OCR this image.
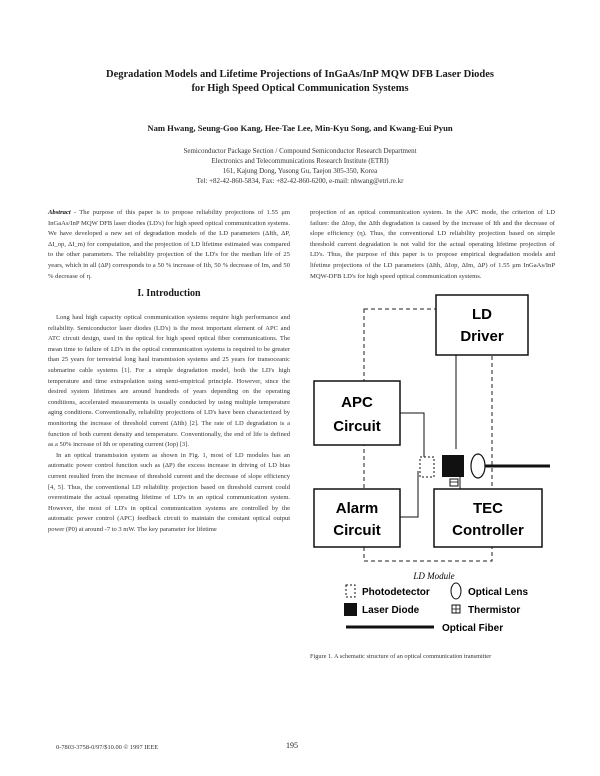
Degradation Models and Lifetime Projections of InGaAs/InP MQW DFB Laser Diodes
for High Speed Optical Communication Systems
Nam Hwang, Seung-Goo Kang, Hee-Tae Lee, Min-Kyu Song, and Kwang-Eui Pyun
Semiconductor Package Section / Compound Semiconductor Research Department
Electronics and Telecommunications Research Institute (ETRI)
161, Kajung Dong, Yusong Gu, Taejon 305-350, Korea
Tel: +82-42-860-5834, Fax: +82-42-860-6200, e-mail: nhwang@etri.re.kr
Abstract - The purpose of this paper is to propose reliability projections of 1.55 μm InGaAs/InP MQW DFB laser diodes (LD's) for high speed optical communication systems. We have developed a new set of degradation models of the LD parameters (ΔIth, ΔP, ΔI_op, ΔI_m) for computation, and the projection of LD lifetime estimated was compared to the other parameters. The reliability projection of the LD's for the median life of 25 years, which in all (ΔP) corresponds to a 50 % increase of Ith, 50 % decrease of Im, and 50 % decrease of η.
projection of an optical communication system. In the APC mode, the criterion of LD failure: the ΔIop, the ΔIth degradation is caused by the increase of Ith and the decrease of slope efficiency (η). Thus, the conventional LD reliability projection based on simple threshold current degradation is not valid for the actual operating lifetime projection of LD's. Thus, the purpose of this paper is to propose empirical degradation models and lifetime projections of the LD parameters (ΔIth, ΔIop, ΔIm, ΔP) of 1.55 μm InGaAs/InP MQW-DFB LD's for high speed optical communication systems.
I. Introduction

Long haul high capacity optical communication systems require high performance and reliability. Semiconductor laser diodes (LD's) is the most important element of APC and ATC circuit design, used in the optical for high speed optical fiber communications. The mean time to failure of LD's in the optical communication systems is required to be greater than 25 years for terrestrial long haul transmission systems and 25 years for transoceanic submarine cable systems [1]. For a simple degradation model, both the LD's high temperature and time extrapolation using semi-empirical principle. However, since the desired system lifetimes are around hundreds of years depending on the operating conditions, accelerated measurements is usually conducted by using multiple temperature aging conditions. Conventionally, reliability projections of LD's have been characterized by monitoring the increase of threshold current (ΔIth) [2]. The rate of LD degradation is a function of both current density and temperature. Conventionally, the end of life is defined as a 50% increase of Ith or operating current (Iop) [3].

In an optical transmission system as shown in Fig. 1, most of LD modules has an automatic power control function such as (ΔP) the excess increase in driving of LD bias current resulted from the increase of threshold current and the decrease of slope efficiency [4, 5]. Thus, the conventional LD reliability projection based on threshold current could overestimate the actual operating lifetime of LD's in an optical communication system. However, the most of LD's in optical communication systems are controlled by the automatic power control (APC) feedback circuit to maintain the constant optical output power (P0) at around -7 to 3 mW. The key parameter for lifetime

LD
Driver
APC
Circuit
Alarm
Circuit
TEC
Controller
LD Module
Photodetector	Optical Lens
Laser Diode	Thermistor
Optical Fiber
Figure 1. A schematic structure of an optical communication transmitter
0-7803-3758-0/97/$10.00 © 1997 IEEE	195
